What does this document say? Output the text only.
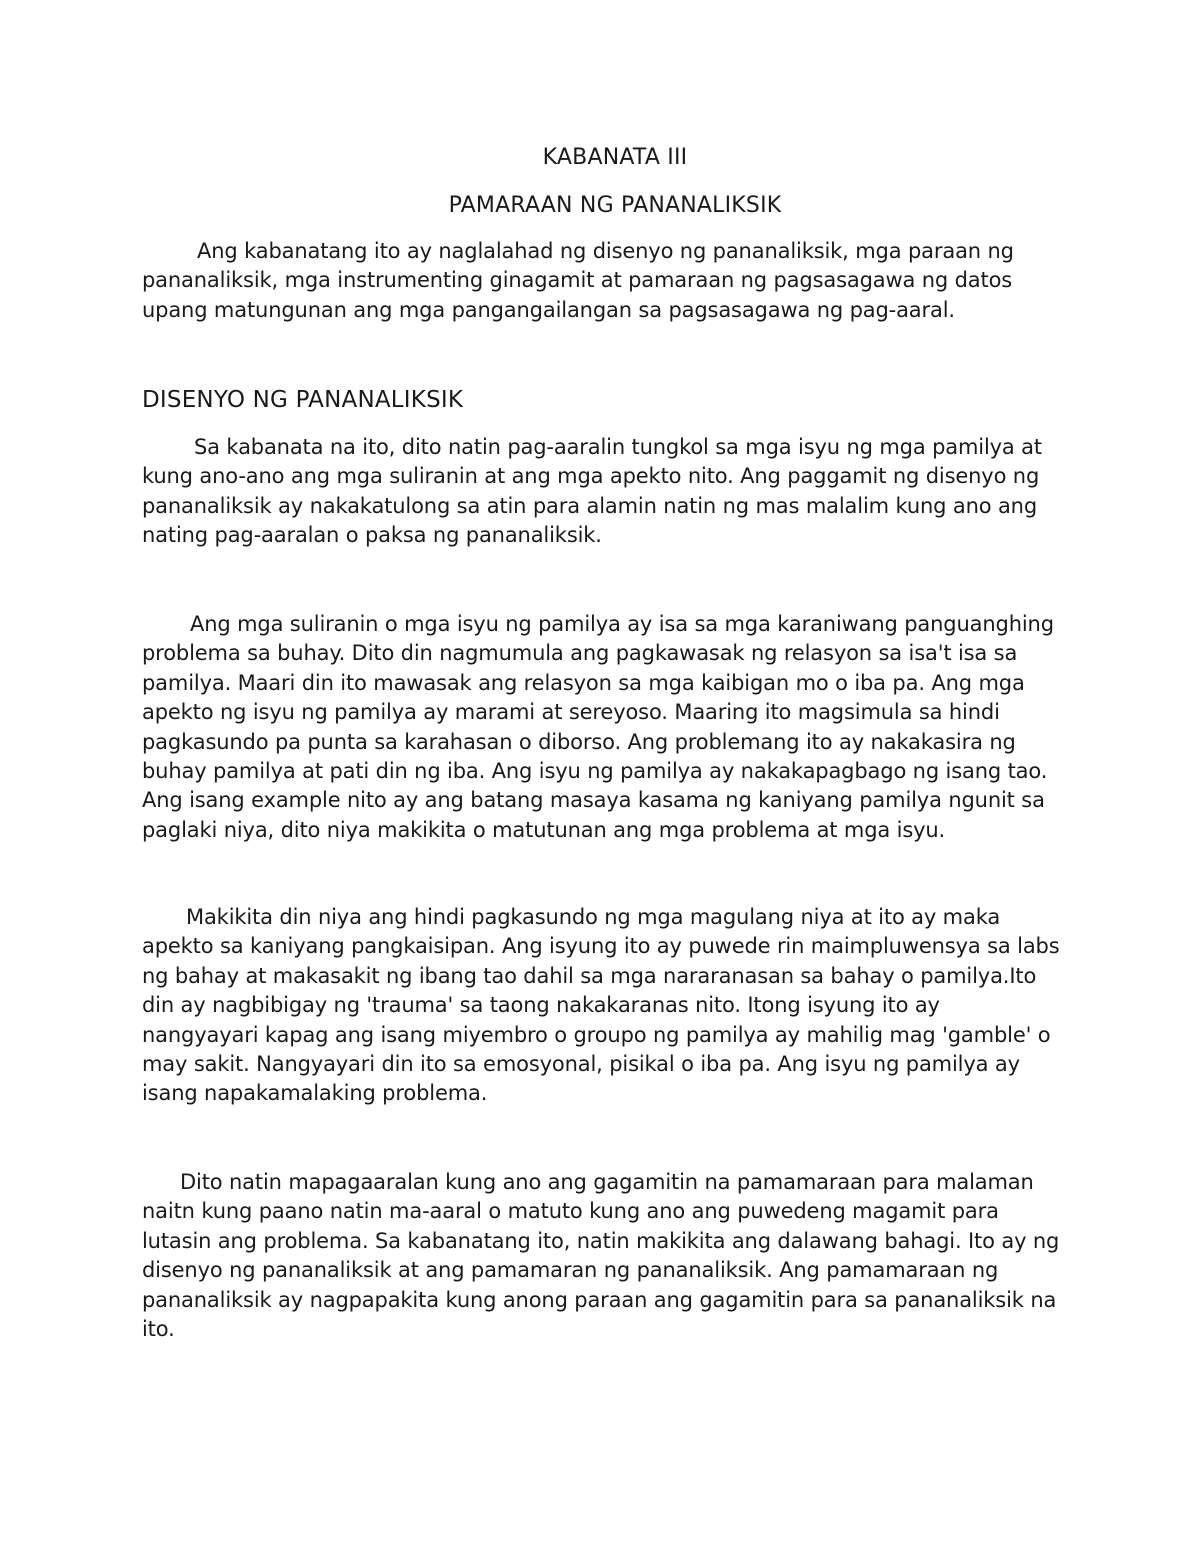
KABANATA III
PAMARAAN NG PANANALIKSIK

Ang kabanatang ito ay naglalahad ng disenyo ng pananaliksik, mga paraan ng pananaliksik, mga instrumenting ginagamit at pamaraan ng pagsasagawa ng datos upang matungunan ang mga pangangailangan sa pagsasagawa ng pag-aaral.

DISENYO NG PANANALIKSIK

Sa kabanata na ito, dito natin pag-aaralin tungkol sa mga isyu ng mga pamilya at kung ano-ano ang mga suliranin at ang mga apekto nito. Ang paggamit ng disenyo ng pananaliksik ay nakakatulong sa atin para alamin natin ng mas malalim kung ano ang nating pag-aaralan o paksa ng pananaliksik.

Ang mga suliranin o mga isyu ng pamilya ay isa sa mga karaniwang panguanghing problema sa buhay. Dito din nagmumula ang pagkawasak ng relasyon sa isa't isa sa pamilya. Maari din ito mawasak ang relasyon sa mga kaibigan mo o iba pa. Ang mga apekto ng isyu ng pamilya ay marami at sereyoso. Maaring ito magsimula sa hindi pagkasundo pa punta sa karahasan o diborso. Ang problemang ito ay nakakasira ng buhay pamilya at pati din ng iba. Ang isyu ng pamilya ay nakakapagbago ng isang tao. Ang isang example nito ay ang batang masaya kasama ng kaniyang pamilya ngunit sa paglaki niya, dito niya makikita o matutunan ang mga problema at mga isyu.

Makikita din niya ang hindi pagkasundo ng mga magulang niya at ito ay maka apekto sa kaniyang pangkaisipan. Ang isyung ito ay puwede rin maimpluwensya sa labs ng bahay at makasakit ng ibang tao dahil sa mga nararanasan sa bahay o pamilya.Ito din ay nagbibigay ng 'trauma' sa taong nakakaranas nito. Itong isyung ito ay nangyayari kapag ang isang miyembro o groupo ng pamilya ay mahilig mag 'gamble' o may sakit. Nangyayari din ito sa emosyonal, pisikal o iba pa. Ang isyu ng pamilya ay isang napakamalaking problema.

Dito natin mapagaaralan kung ano ang gagamitin na pamamaraan para malaman naitn kung paano natin ma-aaral o matuto kung ano ang puwedeng magamit para lutasin ang problema. Sa kabanatang ito, natin makikita ang dalawang bahagi. Ito ay ng disenyo ng pananaliksik at ang pamamaran ng pananaliksik. Ang pamamaraan ng pananaliksik ay nagpapakita kung anong paraan ang gagamitin para sa pananaliksik na ito.
